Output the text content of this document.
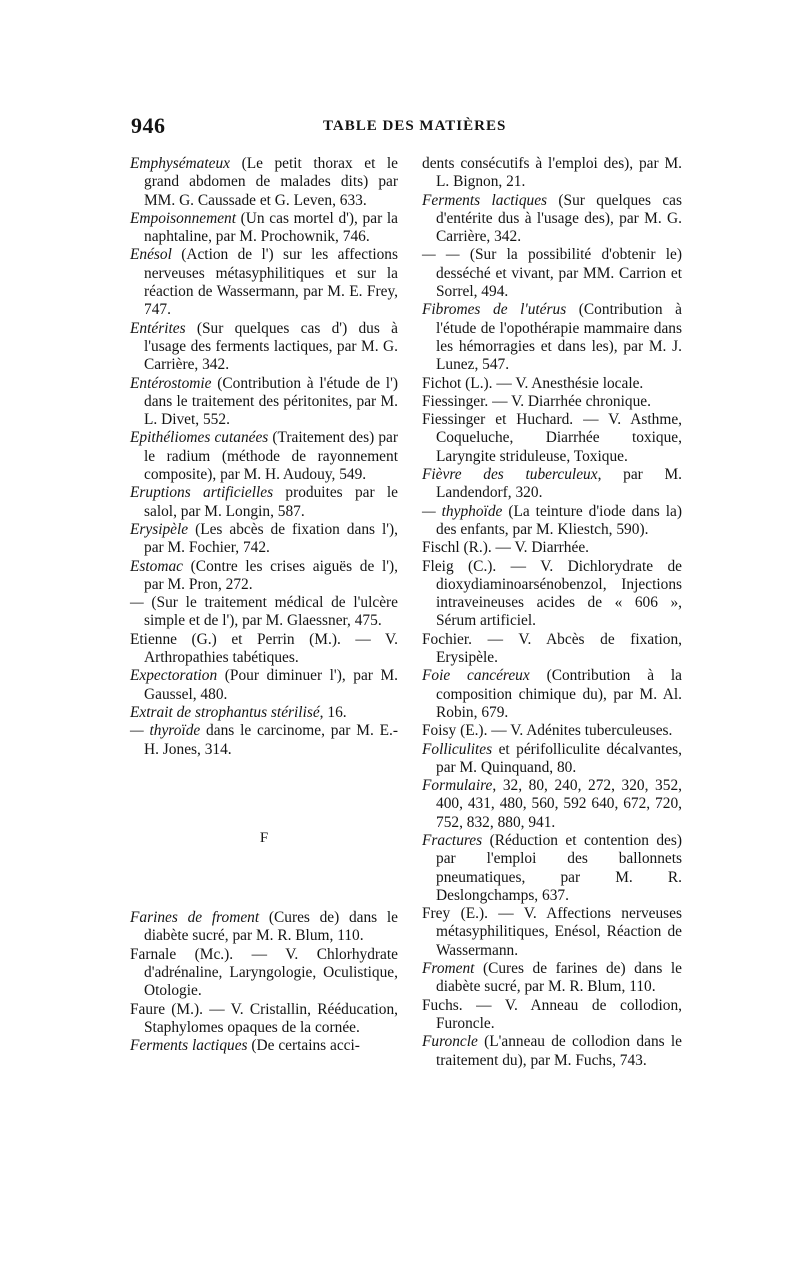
946	TABLE DES MATIÈRES

Emphysémateux (Le petit thorax et le grand abdomen de malades dits) par MM. G. Caussade et G. Leven, 633.

Empoisonnement (Un cas mortel d'), par la naphtaline, par M. Prochownik, 746.

Enésol (Action de l') sur les affections nerveuses métasyphilitiques et sur la réaction de Wassermann, par M. E. Frey, 747.

Entérites (Sur quelques cas d') dus à l'usage des ferments lactiques, par M. G. Carrière, 342.

Entérostomie (Contribution à l'étude de l') dans le traitement des péritonites, par M. L. Divet, 552.

Epithéliomes cutanées (Traitement des) par le radium (méthode de rayonnement composite), par M. H. Audouy, 549.

Eruptions artificielles produites par le salol, par M. Longin, 587.

Erysipèle (Les abcès de fixation dans l'), par M. Fochier, 742.

Estomac (Contre les crises aiguës de l'), par M. Pron, 272.

— (Sur le traitement médical de l'ulcère simple et de l'), par M. Glaessner, 475.

Etienne (G.) et Perrin (M.). — V. Arthropathies tabétiques.

Expectoration (Pour diminuer l'), par M. Gaussel, 480.

Extrait de strophantus stérilisé, 16.

— thyroïde dans le carcinome, par M. E.-H. Jones, 314.

F

Farines de froment (Cures de) dans le diabète sucré, par M. R. Blum, 110.

Farnale (Mc.). — V. Chlorhydrate d'adrénaline, Laryngologie, Oculistique, Otologie.

Faure (M.). — V. Cristallin, Rééducation, Staphylomes opaques de la cornée.

Ferments lactiques (De certains acci-

dents consécutifs à l'emploi des), par M. L. Bignon, 21.

Ferments lactiques (Sur quelques cas d'entérite dus à l'usage des), par M. G. Carrière, 342.

— — (Sur la possibilité d'obtenir le) desséché et vivant, par MM. Carrion et Sorrel, 494.

Fibromes de l'utérus (Contribution à l'étude de l'opothérapie mammaire dans les hémorragies et dans les), par M. J. Lunez, 547.

Fichot (L.). — V. Anesthésie locale.

Fiessinger. — V. Diarrhée chronique.

Fiessinger et Huchard. — V. Asthme, Coqueluche, Diarrhée toxique, Laryngite striduleuse, Toxique.

Fièvre des tuberculeux, par M. Landendorf, 320.

— thyphoïde (La teinture d'iode dans la) des enfants, par M. Kliestch, 590).

Fischl (R.). — V. Diarrhée.

Fleig (C.). — V. Dichlorydrate de dioxydiaminoarsénobenzol, Injections intraveineuses acides de « 606 », Sérum artificiel.

Fochier. — V. Abcès de fixation, Erysipèle.

Foie cancéreux (Contribution à la composition chimique du), par M. Al. Robin, 679.

Foisy (E.). — V. Adénites tuberculeuses.

Folliculites et périfolliculite décalvantes, par M. Quinquand, 80.

Formulaire, 32, 80, 240, 272, 320, 352, 400, 431, 480, 560, 592 640, 672, 720, 752, 832, 880, 941.

Fractures (Réduction et contention des) par l'emploi des ballonnets pneumatiques, par M. R. Deslongchamps, 637.

Frey (E.). — V. Affections nerveuses métasyphilitiques, Enésol, Réaction de Wassermann.

Froment (Cures de farines de) dans le diabète sucré, par M. R. Blum, 110.

Fuchs. — V. Anneau de collodion, Furoncle.

Furoncle (L'anneau de collodion dans le traitement du), par M. Fuchs, 743.
